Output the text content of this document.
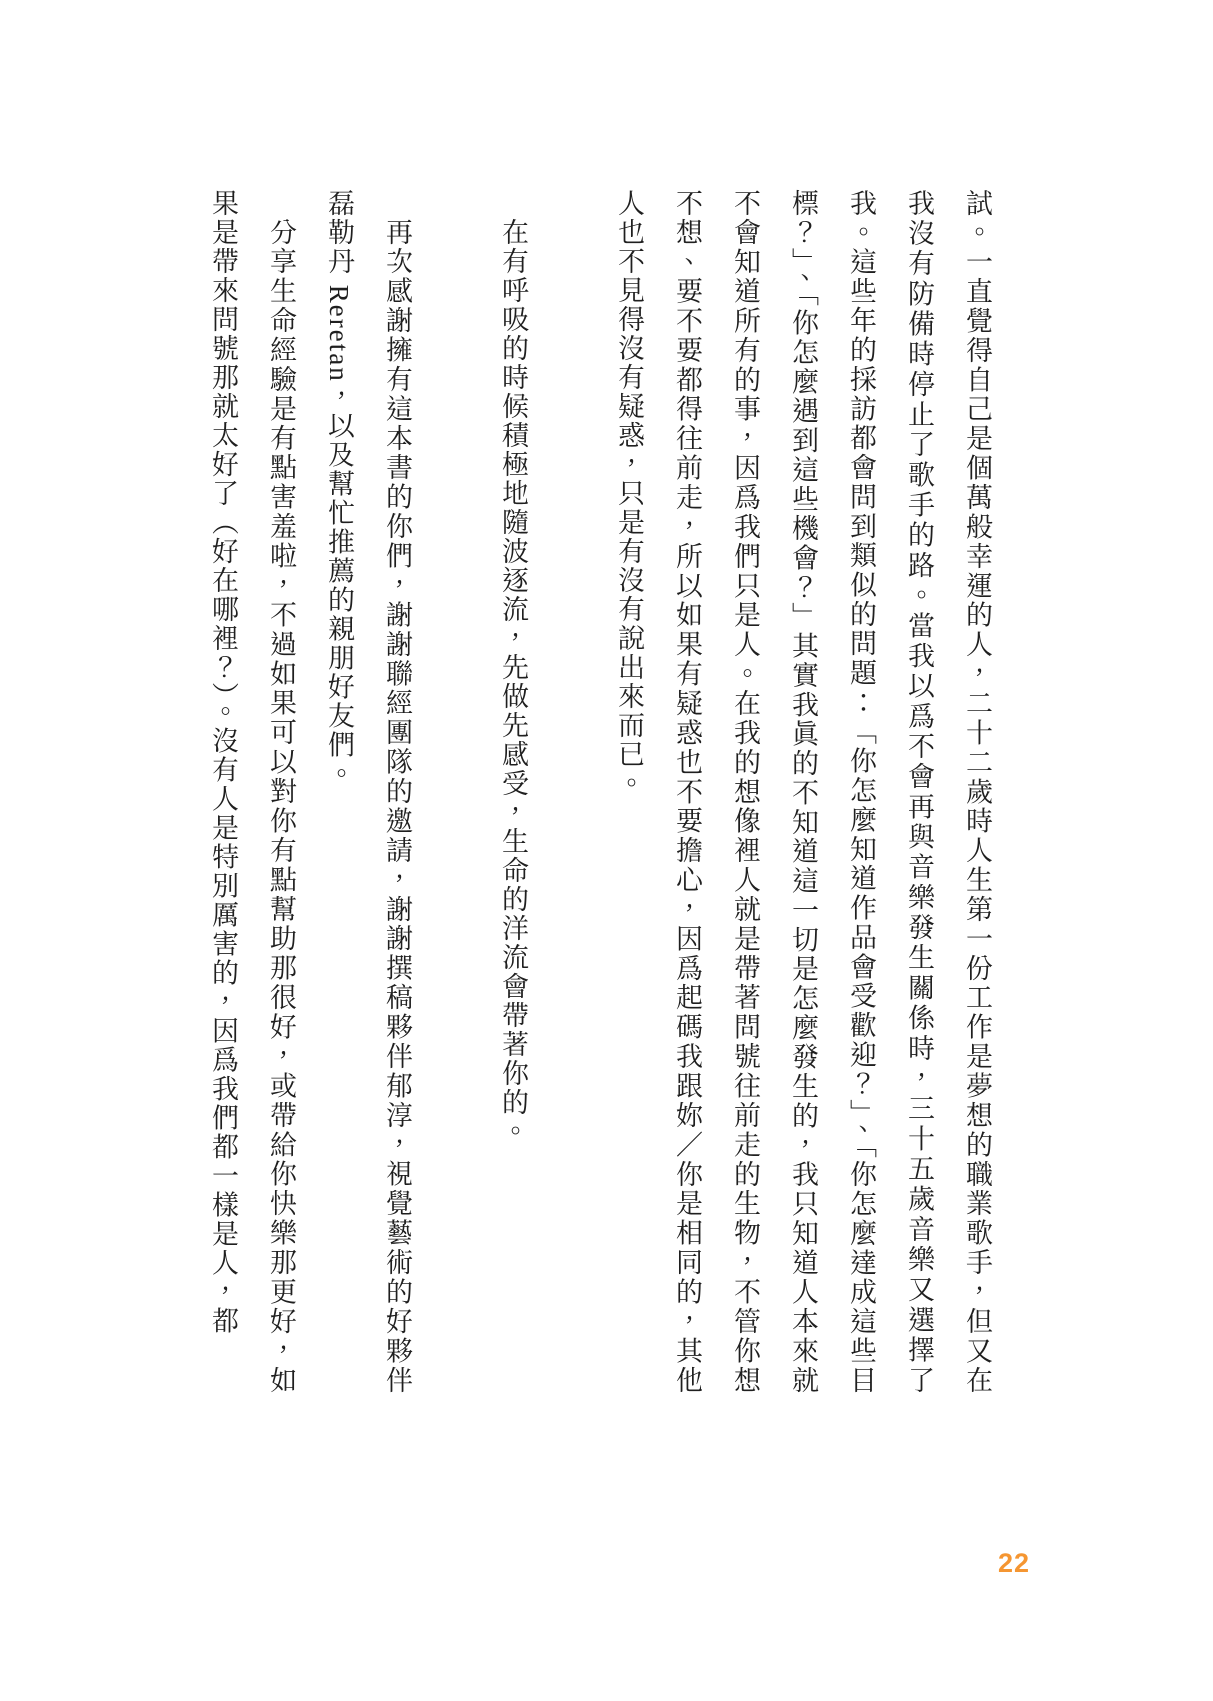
試。一直覺得自己是個萬般幸運的人，二十二歲時人生第一份工作是夢想的職業歌手，但又在我沒有防備時停止了歌手的路。當我以爲不會再與音樂發生關係時，三十五歲音樂又選擇了我。這些年的採訪都會問到類似的問題：「你怎麼知道作品會受歡迎？」、「你怎麼達成這些目標？」、「你怎麼遇到這些機會？」其實我眞的不知道這一切是怎麼發生的，我只知道人本來就不會知道所有的事，因爲我們只是人。在我的想像裡人就是帶著問號往前走的生物，不管你想不想、要不要都得往前走，所以如果有疑惑也不要擔心，因爲起碼我跟妳／你是相同的，其他人也不見得沒有疑惑，只是有沒有說出來而已。

在有呼吸的時候積極地隨波逐流，先做先感受，生命的洋流會帶著你的。

再次感謝擁有這本書的你們，謝謝聯經團隊的邀請，謝謝撰稿夥伴郁淳，視覺藝術的好夥伴磊勒丹 Reretan，以及幫忙推薦的親朋好友們。

分享生命經驗是有點害羞啦，不過如果可以對你有點幫助那很好，或帶給你快樂那更好，如果是帶來問號那就太好了（好在哪裡？）。沒有人是特別厲害的，因爲我們都一樣是人，都

22
